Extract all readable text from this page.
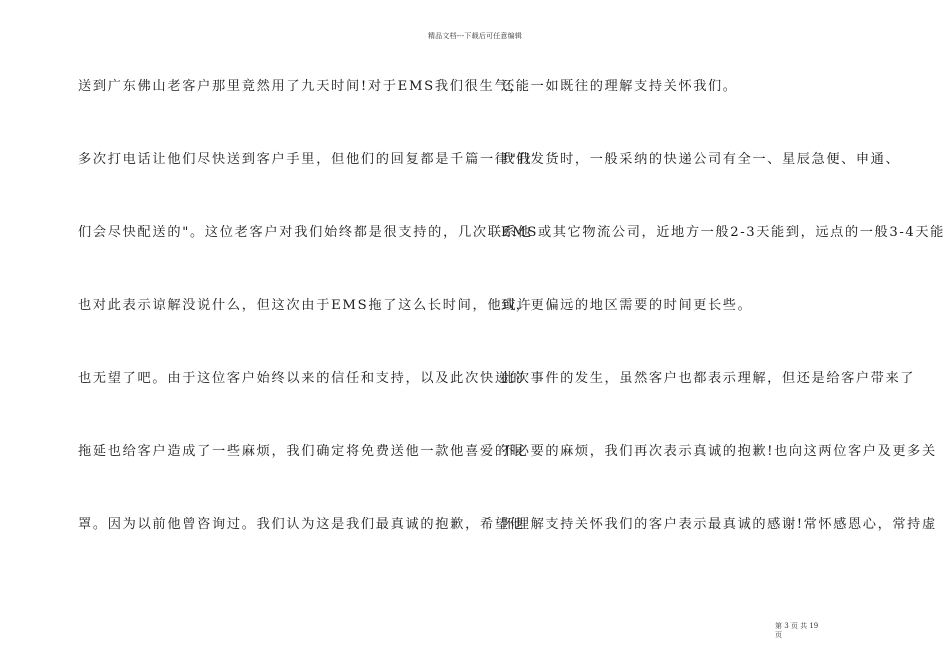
精品文档---下载后可任意编辑
送到广东佛山老客户那里竟然用了九天时间!对于EMS我们很生气，
多次打电话让他们尽快送到客户手里，但他们的回复都是千篇一律"我
们会尽快配送的"。这位老客户对我们始终都是很支持的，几次联系他
也对此表示谅解没说什么，但这次由于EMS拖了这么长时间，他或许
也无望了吧。由于这位客户始终以来的信任和支持，以及此次快递的
拖延也给客户造成了一些麻烦，我们确定将免费送他一款他喜爱的眼
罩。因为以前他曾咨询过。我们认为这是我们最真诚的抱歉，希望他
还能一如既往的理解支持关怀我们。
我们发货时，一般采纳的快递公司有全一、星辰急便、申通、
EMS或其它物流公司，近地方一般2-3天能到，远点的一般3-4天能
到，更偏远的地区需要的时间更长些。
此次事件的发生，虽然客户也都表示理解，但还是给客户带来了
不必要的麻烦，我们再次表示真诚的抱歉!也向这两位客户及更多关
怀理解支持关怀我们的客户表示最真诚的感谢!常怀感恩心，常持虚
第 3 页 共 19
页
